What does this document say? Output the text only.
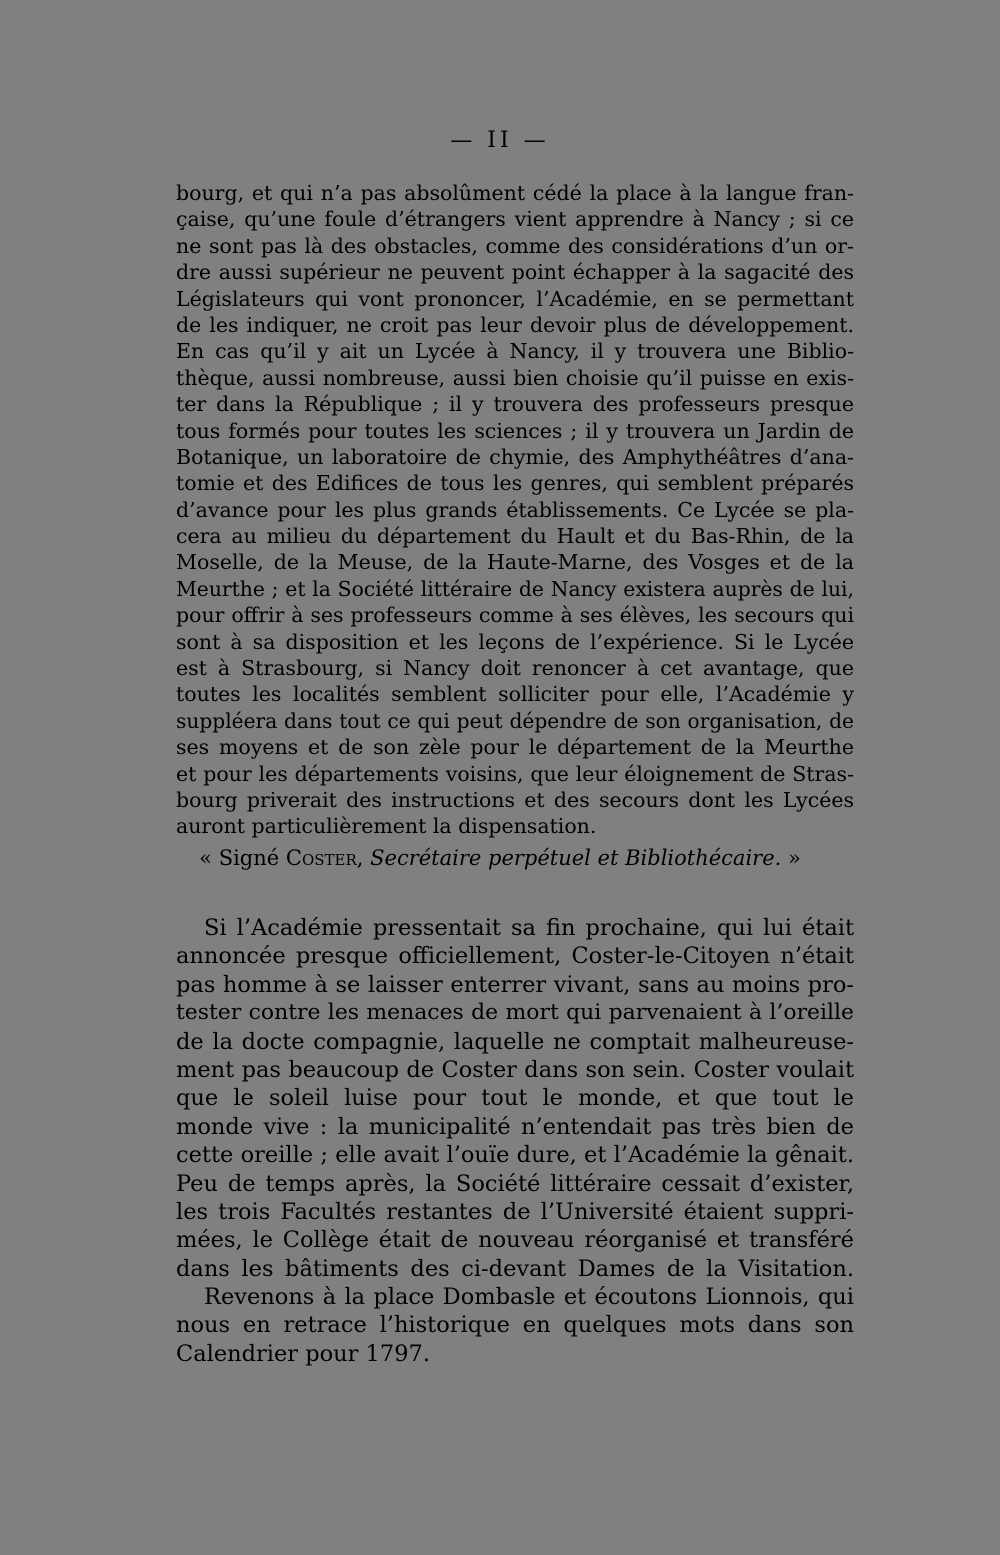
— II —
bourg, et qui n’a pas absolûment cédé la place à la langue fran-
çaise, qu’une foule d’étrangers vient apprendre à Nancy ; si ce
ne sont pas là des obstacles, comme des considérations d’un or-
dre aussi supérieur ne peuvent point échapper à la sagacité des
Législateurs qui vont prononcer, l’Académie, en se permettant
de les indiquer, ne croit pas leur devoir plus de développement.
En cas qu’il y ait un Lycée à Nancy, il y trouvera une Biblio-
thèque, aussi nombreuse, aussi bien choisie qu’il puisse en exis-
ter dans la République ; il y trouvera des professeurs presque
tous formés pour toutes les sciences ; il y trouvera un Jardin de
Botanique, un laboratoire de chymie, des Amphythéâtres d’ana-
tomie et des Edifices de tous les genres, qui semblent préparés
d’avance pour les plus grands établissements. Ce Lycée se pla-
cera au milieu du département du Hault et du Bas-Rhin, de la
Moselle, de la Meuse, de la Haute-Marne, des Vosges et de la
Meurthe ; et la Société littéraire de Nancy existera auprès de lui,
pour offrir à ses professeurs comme à ses élèves, les secours qui
sont à sa disposition et les leçons de l’expérience. Si le Lycée
est à Strasbourg, si Nancy doit renoncer à cet avantage, que
toutes les localités semblent solliciter pour elle, l’Académie y
suppléera dans tout ce qui peut dépendre de son organisation, de
ses moyens et de son zèle pour le département de la Meurthe
et pour les départements voisins, que leur éloignement de Stras-
bourg priverait des instructions et des secours dont les Lycées
auront particulièrement la dispensation.
« Signé Coster, Secrétaire perpétuel et Bibliothécaire. »
Si l’Académie pressentait sa fin prochaine, qui lui était
annoncée presque officiellement, Coster-le-Citoyen n’était
pas homme à se laisser enterrer vivant, sans au moins pro-
tester contre les menaces de mort qui parvenaient à l’oreille
de la docte compagnie, laquelle ne comptait malheureuse-
ment pas beaucoup de Coster dans son sein. Coster voulait
que le soleil luise pour tout le monde, et que tout le
monde vive : la municipalité n’entendait pas très bien de
cette oreille ; elle avait l’ouïe dure, et l’Académie la gênait.
Peu de temps après, la Société littéraire cessait d’exister,
les trois Facultés restantes de l’Université étaient suppri-
mées, le Collège était de nouveau réorganisé et transféré
dans les bâtiments des ci-devant Dames de la Visitation.
Revenons à la place Dombasle et écoutons Lionnois, qui
nous en retrace l’historique en quelques mots dans son
Calendrier pour 1797.
